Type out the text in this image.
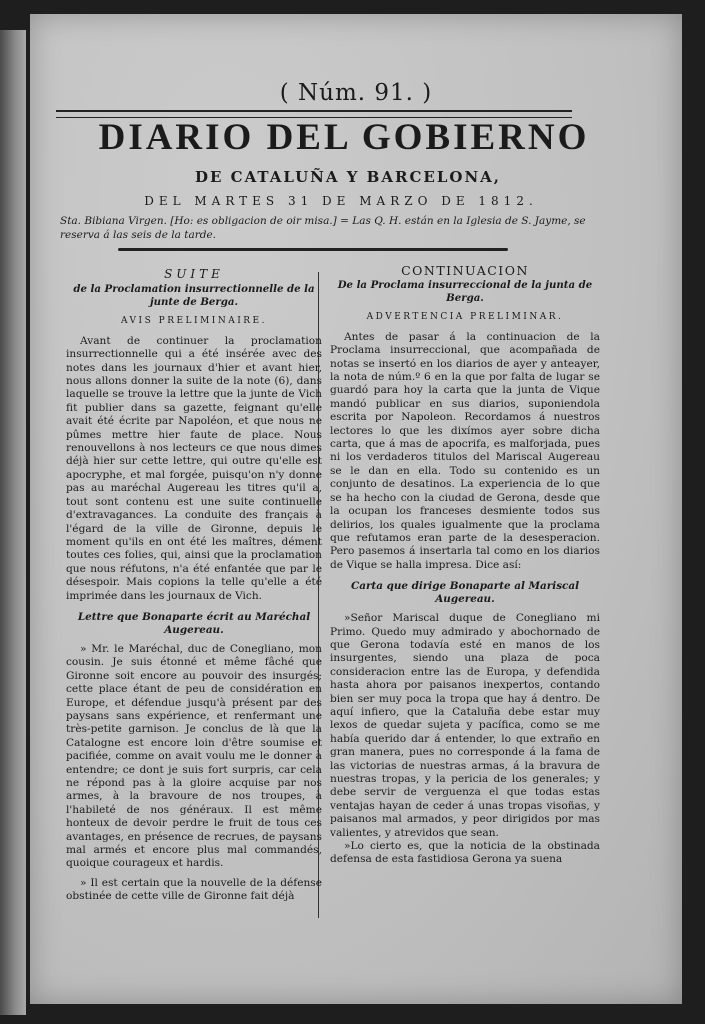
( Núm. 91. )
DIARIO DEL GOBIERNO
DE CATALUÑA Y BARCELONA,
DEL MARTES 31 DE MARZO DE 1812.
Sta. Bibiana Virgen. [Ho: es obligacion de oir misa.] = Las Q. H. están en la Iglesia de S. Jayme, se reserva á las seis de la tarde.
SUITE
de la Proclamation insurrectionnelle de la junte de Berga.
AVIS PRELIMINAIRE.

Avant de continuer la proclamation insurrectionnelle qui a été insérée avec des notes dans les journaux d'hier et avant hier, nous allons donner la suite de la note (6), dans laquelle se trouve la lettre que la junte de Vich fit publier dans sa gazette, feignant qu'elle avait été écrite par Napoléon, et que nous ne pûmes mettre hier faute de place. Nous renouvellons à nos lecteurs ce que nous dimes déjà hier sur cette lettre, qui outre qu'elle est apocryphe, et mal forgée, puisqu'on n'y donne pas au maréchal Augereau les titres qu'il a, tout sont contenu est une suite continuelle d'extravagances. La conduite des français à l'égard de la ville de Gironne, depuis le moment qu'ils en ont été les maîtres, dément toutes ces folies, qui, ainsi que la proclamation que nous réfutons, n'a été enfantée que par le désespoir. Mais copions la telle qu'elle a été imprimée dans les journaux de Vich.

Lettre que Bonaparte écrit au Maréchal Augereau.

» Mr. le Maréchal, duc de Conegliano, mon cousin. Je suis étonné et même fâché que Gironne soit encore au pouvoir des insurgés; cette place étant de peu de considération en Europe, et défendue jusqu'à présent par des paysans sans expérience, et renfermant une très-petite garnison. Je conclus de là que la Catalogne est encore loin d'être soumise et pacifiée, comme on avait voulu me le donner à entendre; ce dont je suis fort surpris, car cela ne répond pas à la gloire acquise par nos armes, à la bravoure de nos troupes, à l'habileté de nos généraux. Il est même honteux de devoir perdre le fruit de tous ces avantages, en présence de recrues, de paysans mal armés et encore plus mal commandés, quoique courageux et hardis.

» Il est certain que la nouvelle de la défense obstinée de cette ville de Gironne fait déjà

CONTINUACION
De la Proclama insurreccional de la junta de Berga.
ADVERTENCIA PRELIMINAR.

Antes de pasar á la continuacion de la Proclama insurreccional, que acompañada de notas se insertó en los diarios de ayer y anteayer, la nota de núm.º 6 en la que por falta de lugar se guardó para hoy la carta que la junta de Vique mandó publicar en sus diarios, suponiendola escrita por Napoleon. Recordamos á nuestros lectores lo que les dixímos ayer sobre dicha carta, que á mas de apocrifa, es malforjada, pues ni los verdaderos titulos del Mariscal Augereau se le dan en ella. Todo su contenido es un conjunto de desatinos. La experiencia de lo que se ha hecho con la ciudad de Gerona, desde que la ocupan los franceses desmiente todos sus delirios, los quales igualmente que la proclama que refutamos eran parte de la desesperacion. Pero pasemos á insertarla tal como en los diarios de Vique se halla impresa. Dice así:

Carta que dirige Bonaparte al Mariscal Augereau.

»Señor Mariscal duque de Conegliano mi Primo. Quedo muy admirado y abochornado de que Gerona todavía esté en manos de los insurgentes, siendo una plaza de poca consideracion entre las de Europa, y defendida hasta ahora por paisanos inexpertos, contando bien ser muy poca la tropa que hay á dentro. De aquí infiero, que la Cataluña debe estar muy lexos de quedar sujeta y pacífica, como se me había querido dar á entender, lo que extraño en gran manera, pues no corresponde á la fama de las victorias de nuestras armas, á la bravura de nuestras tropas, y la pericia de los generales; y debe servir de verguenza el que todas estas ventajas hayan de ceder á unas tropas visoñas, y paisanos mal armados, y peor dirigidos por mas valientes, y atrevidos que sean.

»Lo cierto es, que la noticia de la obstinada defensa de esta fastidiosa Gerona ya suena
